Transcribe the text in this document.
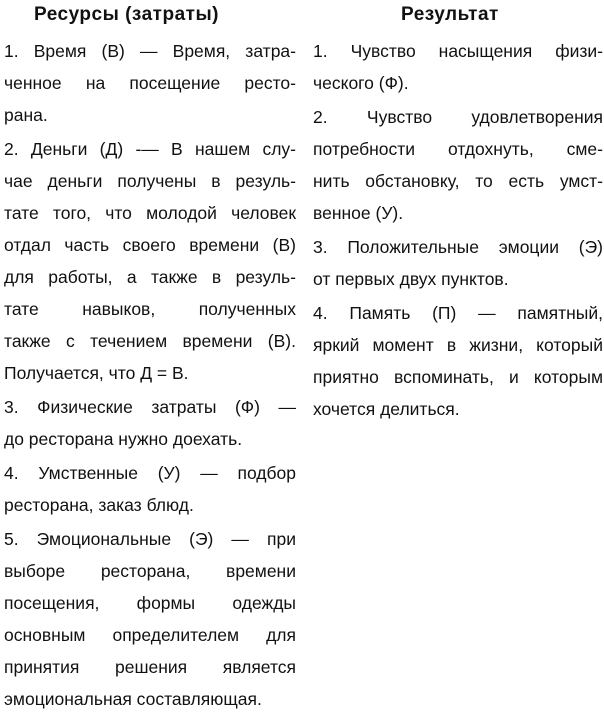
Ресурсы (затраты)
1. Время (В) — Время, затра-
ченное на посещение ресто-
рана.
2. Деньги (Д) -— В нашем слу-
чае деньги получены в резуль-
тате того, что молодой человек
отдал часть своего времени (В)
для работы, а также в резуль-
тате навыков, полученных
также с течением времени (В).
Получается, что Д = В.
3. Физические затраты (Ф) —
до ресторана нужно доехать.
4. Умственные (У) — подбор
ресторана, заказ блюд.
5. Эмоциональные (Э) — при
выборе ресторана, времени
посещения, формы одежды
основным определителем для
принятия решения является
эмоциональная составляющая.
Результат
1. Чувство насыщения физи-
ческого (Ф).
2. Чувство удовлетворения
потребности отдохнуть, сме-
нить обстановку, то есть умст-
венное (У).
3. Положительные эмоции (Э)
от первых двух пунктов.
4. Память (П) — памятный,
яркий момент в жизни, который
приятно вспоминать, и которым
хочется делиться.
